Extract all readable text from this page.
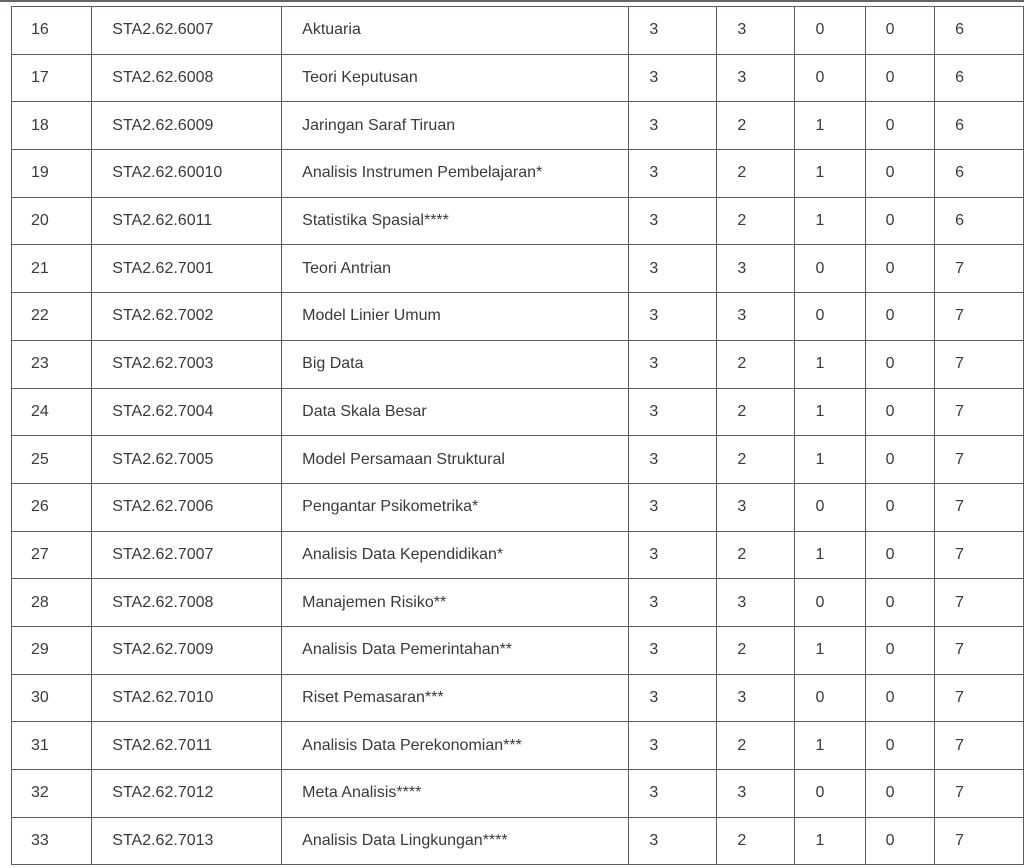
16	STA2.62.6007	Aktuaria	3	3	0	0	6
17	STA2.62.6008	Teori Keputusan	3	3	0	0	6
18	STA2.62.6009	Jaringan Saraf Tiruan	3	2	1	0	6
19	STA2.62.60010	Analisis Instrumen Pembelajaran*	3	2	1	0	6
20	STA2.62.6011	Statistika Spasial****	3	2	1	0	6
21	STA2.62.7001	Teori Antrian	3	3	0	0	7
22	STA2.62.7002	Model Linier Umum	3	3	0	0	7
23	STA2.62.7003	Big Data	3	2	1	0	7
24	STA2.62.7004	Data Skala Besar	3	2	1	0	7
25	STA2.62.7005	Model Persamaan Struktural	3	2	1	0	7
26	STA2.62.7006	Pengantar Psikometrika*	3	3	0	0	7
27	STA2.62.7007	Analisis Data Kependidikan*	3	2	1	0	7
28	STA2.62.7008	Manajemen Risiko**	3	3	0	0	7
29	STA2.62.7009	Analisis Data Pemerintahan**	3	2	1	0	7
30	STA2.62.7010	Riset Pemasaran***	3	3	0	0	7
31	STA2.62.7011	Analisis Data Perekonomian***	3	2	1	0	7
32	STA2.62.7012	Meta Analisis****	3	3	0	0	7
33	STA2.62.7013	Analisis Data Lingkungan****	3	2	1	0	7
